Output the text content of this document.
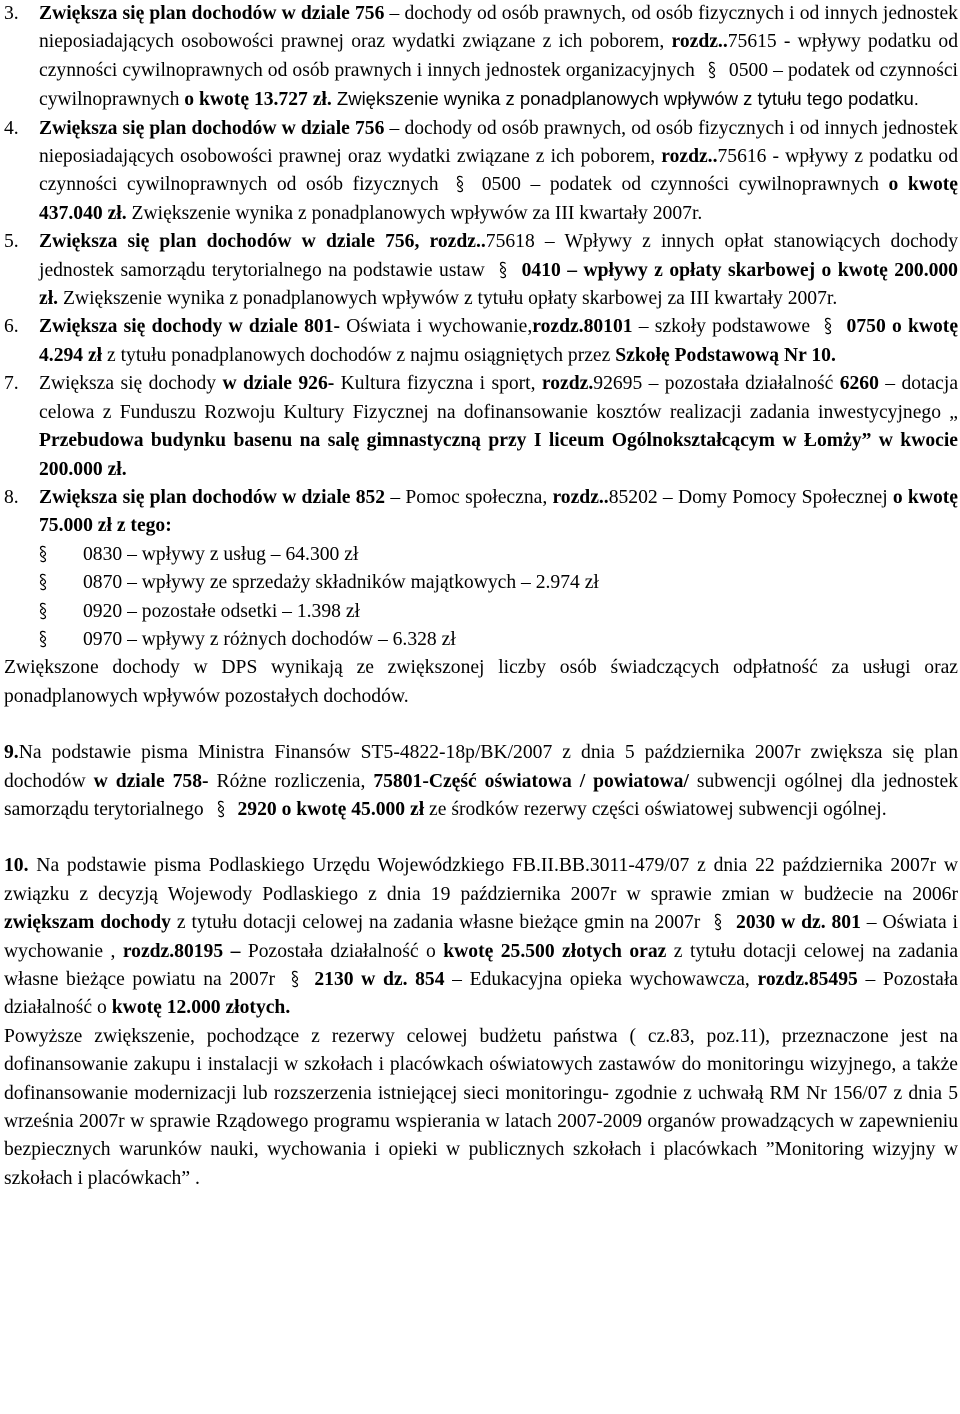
3.	Zwiększa się plan dochodów w dziale 756 – dochody od osób prawnych, od osób fizycznych i od innych jednostek nieposiadających osobowości prawnej oraz wydatki związane z ich poborem, rozdz..75615 - wpływy podatku od czynności cywilnoprawnych od osób prawnych i innych jednostek organizacyjnych  0500 – podatek od czynności cywilnoprawnych o kwotę 13.727 zł. Zwiększenie wynika z ponadplanowych wpływów z tytułu tego podatku.
4.	Zwiększa się plan dochodów w dziale 756 – dochody od osób prawnych, od osób fizycznych i od innych jednostek nieposiadających osobowości prawnej oraz wydatki związane z ich poborem, rozdz..75616 - wpływy z podatku od czynności cywilnoprawnych od osób fizycznych  0500 – podatek od czynności cywilnoprawnych o kwotę 437.040 zł. Zwiększenie wynika z ponadplanowych wpływów za III kwartały 2007r.
5.	Zwiększa się plan dochodów w dziale 756, rozdz..75618 – Wpływy z innych opłat stanowiących dochody jednostek samorządu terytorialnego na podstawie ustaw  0410 – wpływy z opłaty skarbowej o kwotę 200.000 zł. Zwiększenie wynika z ponadplanowych wpływów z tytułu opłaty skarbowej za III kwartały 2007r.
6.	Zwiększa się dochody w dziale 801- Oświata i wychowanie,rozdz.80101 – szkoły podstawowe  0750 o kwotę 4.294 zł z tytułu ponadplanowych dochodów z najmu osiągniętych przez Szkołę Podstawową Nr 10.
7.	Zwiększa się dochody w dziale 926- Kultura fizyczna i sport, rozdz.92695 – pozostała działalność 6260 – dotacja celowa z Funduszu Rozwoju Kultury Fizycznej na dofinansowanie kosztów realizacji zadania inwestycyjnego „ Przebudowa budynku basenu na salę gimnastyczną przy I liceum Ogólnokształcącym w Łomży” w kwocie 200.000 zł.
8.	Zwiększa się plan dochodów w dziale 852 – Pomoc społeczna, rozdz..85202 – Domy Pomocy Społecznej o kwotę 75.000 zł z tego:
0830 – wpływy z usług – 64.300 zł
0870 – wpływy ze sprzedaży składników majątkowych – 2.974 zł
0920 – pozostałe odsetki – 1.398 zł
0970 – wpływy z różnych dochodów – 6.328 zł

Zwiększone dochody w DPS wynikają ze zwiększonej liczby osób świadczących odpłatność za usługi oraz ponadplanowych wpływów pozostałych dochodów.

9.Na podstawie pisma Ministra Finansów ST5-4822-18p/BK/2007 z dnia 5 października 2007r zwiększa się plan dochodów w dziale 758- Różne rozliczenia, 75801-Część oświatowa / powiatowa/ subwencji ogólnej dla jednostek samorządu terytorialnego  2920 o kwotę 45.000 zł ze środków rezerwy części oświatowej subwencji ogólnej.

10. Na podstawie pisma Podlaskiego Urzędu Wojewódzkiego FB.II.BB.3011-479/07 z dnia 22 października 2007r w związku z decyzją Wojewody Podlaskiego z dnia 19 października 2007r w sprawie zmian w budżecie na 2006r zwiększam dochody z tytułu dotacji celowej na zadania własne bieżące gmin na 2007r  2030 w dz. 801 – Oświata i wychowanie , rozdz.80195 – Pozostała działalność o kwotę 25.500 złotych oraz z tytułu dotacji celowej na zadania własne bieżące powiatu na 2007r  2130 w dz. 854 – Edukacyjna opieka wychowawcza, rozdz.85495 – Pozostała działalność o kwotę 12.000 złotych.

Powyższe zwiększenie, pochodzące z rezerwy celowej budżetu państwa ( cz.83, poz.11), przeznaczone jest na dofinansowanie zakupu i instalacji w szkołach i placówkach oświatowych zastawów do monitoringu wizyjnego, a także dofinansowanie modernizacji lub rozszerzenia istniejącej sieci monitoringu- zgodnie z uchwałą RM Nr 156/07 z dnia 5 września 2007r w sprawie Rządowego programu wspierania w latach 2007-2009 organów prowadzących w zapewnieniu bezpiecznych warunków nauki, wychowania i opieki w publicznych szkołach i placówkach ”Monitoring wizyjny w szkołach i placówkach” .
